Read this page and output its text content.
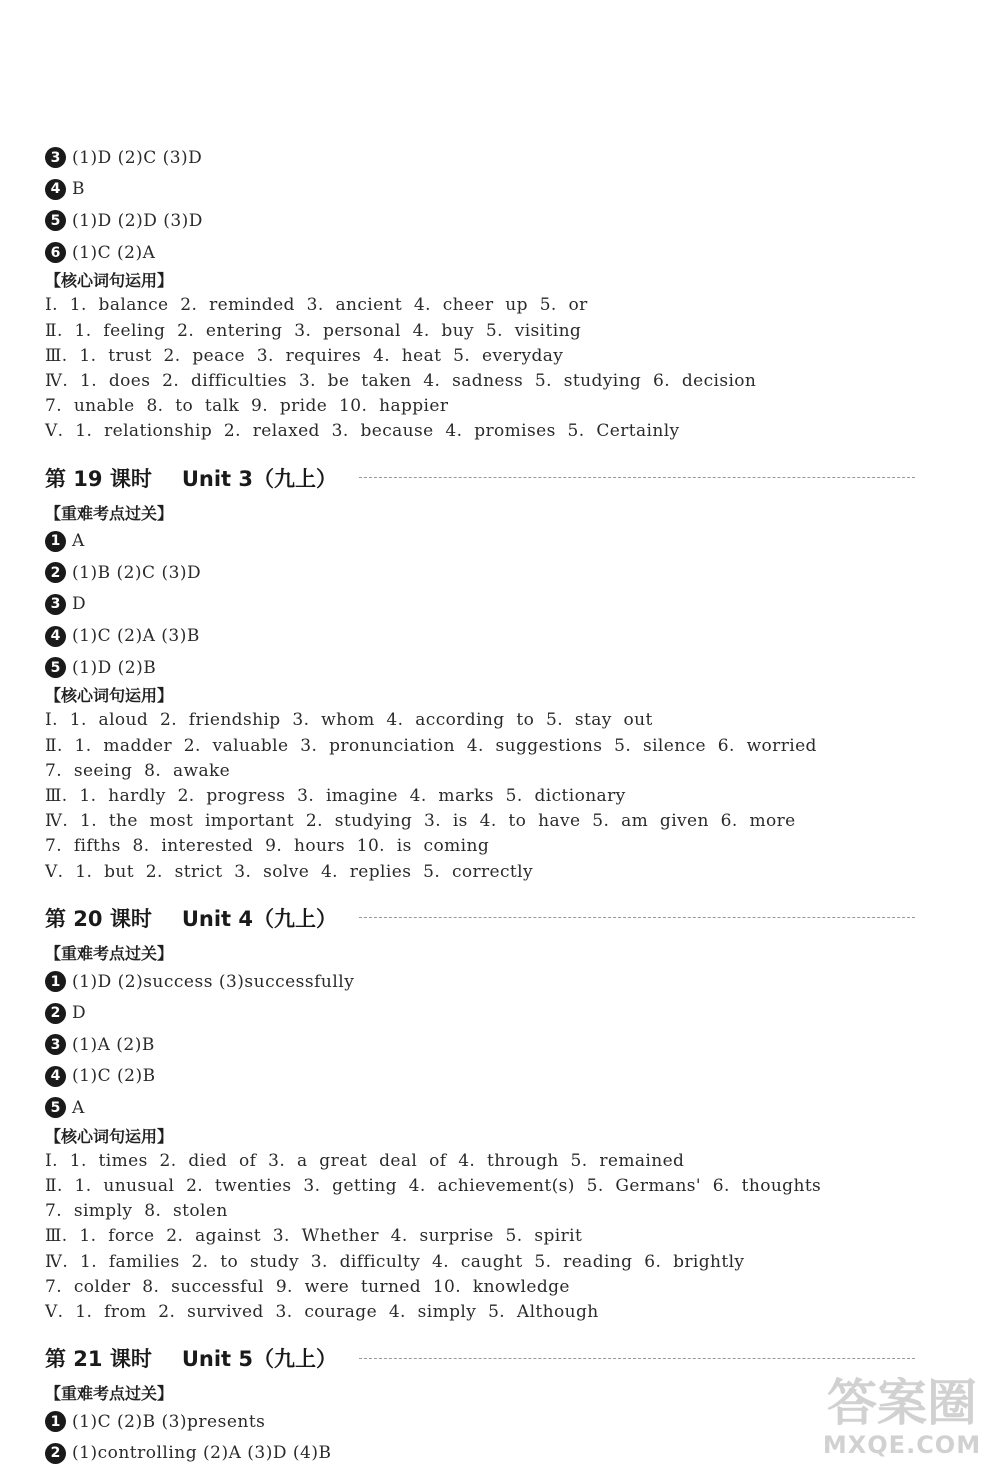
3 (1)D (2)C (3)D
4 B
5 (1)D (2)D (3)D
6 (1)C (2)A
【核心词句运用】
Ⅰ. 1. balance 2. reminded 3. ancient 4. cheer up 5. or
Ⅱ. 1. feeling 2. entering 3. personal 4. buy 5. visiting
Ⅲ. 1. trust 2. peace 3. requires 4. heat 5. everyday
Ⅳ. 1. does 2. difficulties 3. be taken 4. sadness 5. studying 6. decision
7. unable 8. to talk 9. pride 10. happier
Ⅴ. 1. relationship 2. relaxed 3. because 4. promises 5. Certainly
第 19 课时 Unit 3（九上）
【重难考点过关】
1 A
2 (1)B (2)C (3)D
3 D
4 (1)C (2)A (3)B
5 (1)D (2)B
【核心词句运用】
Ⅰ. 1. aloud 2. friendship 3. whom 4. according to 5. stay out
Ⅱ. 1. madder 2. valuable 3. pronunciation 4. suggestions 5. silence 6. worried
7. seeing 8. awake
Ⅲ. 1. hardly 2. progress 3. imagine 4. marks 5. dictionary
Ⅳ. 1. the most important 2. studying 3. is 4. to have 5. am given 6. more
7. fifths 8. interested 9. hours 10. is coming
Ⅴ. 1. but 2. strict 3. solve 4. replies 5. correctly
第 20 课时 Unit 4（九上）
【重难考点过关】
1 (1)D (2)success (3)successfully
2 D
3 (1)A (2)B
4 (1)C (2)B
5 A
【核心词句运用】
Ⅰ. 1. times 2. died of 3. a great deal of 4. through 5. remained
Ⅱ. 1. unusual 2. twenties 3. getting 4. achievement(s) 5. Germans' 6. thoughts
7. simply 8. stolen
Ⅲ. 1. force 2. against 3. Whether 4. surprise 5. spirit
Ⅳ. 1. families 2. to study 3. difficulty 4. caught 5. reading 6. brightly
7. colder 8. successful 9. were turned 10. knowledge
Ⅴ. 1. from 2. survived 3. courage 4. simply 5. Although
第 21 课时 Unit 5（九上）
【重难考点过关】
1 (1)C (2)B (3)presents
2 (1)controlling (2)A (3)D (4)B
答案圈
MXQE.COM
